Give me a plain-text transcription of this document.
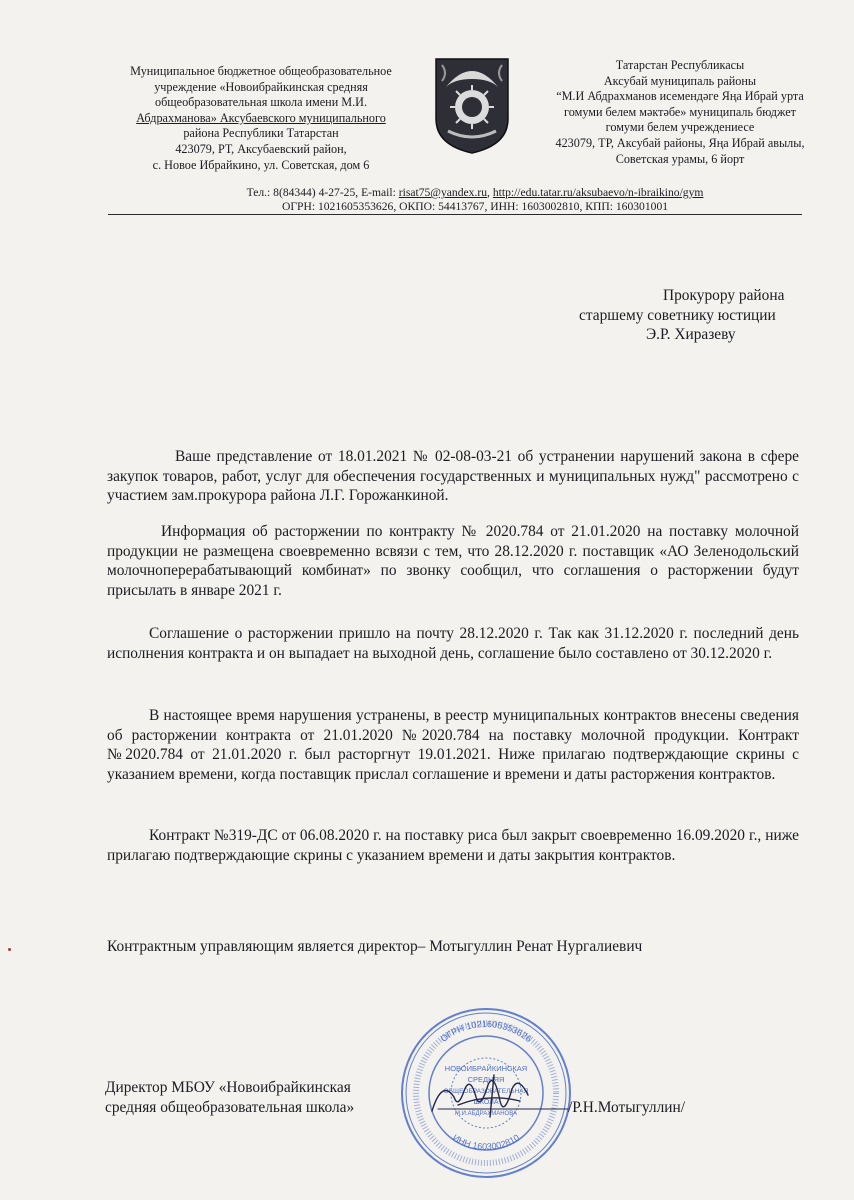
Муниципальное бюджетное общеобразовательное
учреждение «Новоибрайкинская средняя
общеобразовательная школа имени М.И.
Абдрахманова» Аксубаевского муниципального
района Республики Татарстан
423079, РТ, Аксубаевский район,
с. Новое Ибрайкино, ул. Советская, дом 6
Татарстан Республикасы
Аксубай муниципаль районы
“М.И Абдрахманов исемендәге Яңа Ибрай урта
гомуми белем мәктәбе» муниципаль бюджет
гомуми белем учреждениесе
423079, ТР, Аксубай районы, Яңа Ибрай авылы,
Советская урамы, 6 йорт
Тел.: 8(84344) 4-27-25, E-mail: risat75@yandex.ru, http://edu.tatar.ru/aksubaevo/n-ibraikino/gym
ОГРН: 1021605353626, ОКПО: 54413767, ИНН: 1603002810, КПП: 160301001
Прокурору района
старшему советнику юстиции
Э.Р. Хиразеву

Ваше представление от 18.01.2021 № 02-08-03-21 об устранении нарушений закона в сфере закупок товаров, работ, услуг для обеспечения государственных и муниципальных нужд" рассмотрено с участием зам.прокурора района Л.Г. Горожанкиной.

Информация об расторжении по контракту № 2020.784 от 21.01.2020 на поставку молочной продукции не размещена своевременно всвязи с тем, что 28.12.2020 г. поставщик «АО Зеленодольский молочноперерабатывающий комбинат» по звонку сообщил, что соглашения о расторжении будут присылать в январе 2021 г.

Соглашение о расторжении пришло на почту 28.12.2020 г. Так как 31.12.2020 г. последний день исполнения контракта и он выпадает на выходной день, соглашение было составлено от 30.12.2020 г.

В настоящее время нарушения устранены, в реестр муниципальных контрактов внесены сведения об расторжении контракта от 21.01.2020 №2020.784 на поставку молочной продукции. Контракт №2020.784 от 21.01.2020 г. был расторгнут 19.01.2021. Ниже прилагаю подтверждающие скрины с указанием времени, когда поставщик прислал соглашение и времени и даты расторжения контрактов.

Контракт №319-ДС от 06.08.2020 г. на поставку риса был закрыт своевременно 16.09.2020 г., ниже прилагаю подтверждающие скрины с указанием времени и даты закрытия контрактов.

Контрактным управляющим является директор– Мотыгуллин Ренат Нургалиевич
Директор МБОУ «Новоибрайкинская
средняя общеобразовательная школа»
ОГРН 1021605353626
ИНН 1603002810
НОВОИБРАЙКИНСКАЯ
СРЕДНЯЯ
ОБЩЕОБРАЗОВАТЕЛЬНАЯ
ШКОЛА
М.И.АБДРАХМАНОВА	/Р.Н.Мотыгуллин/
